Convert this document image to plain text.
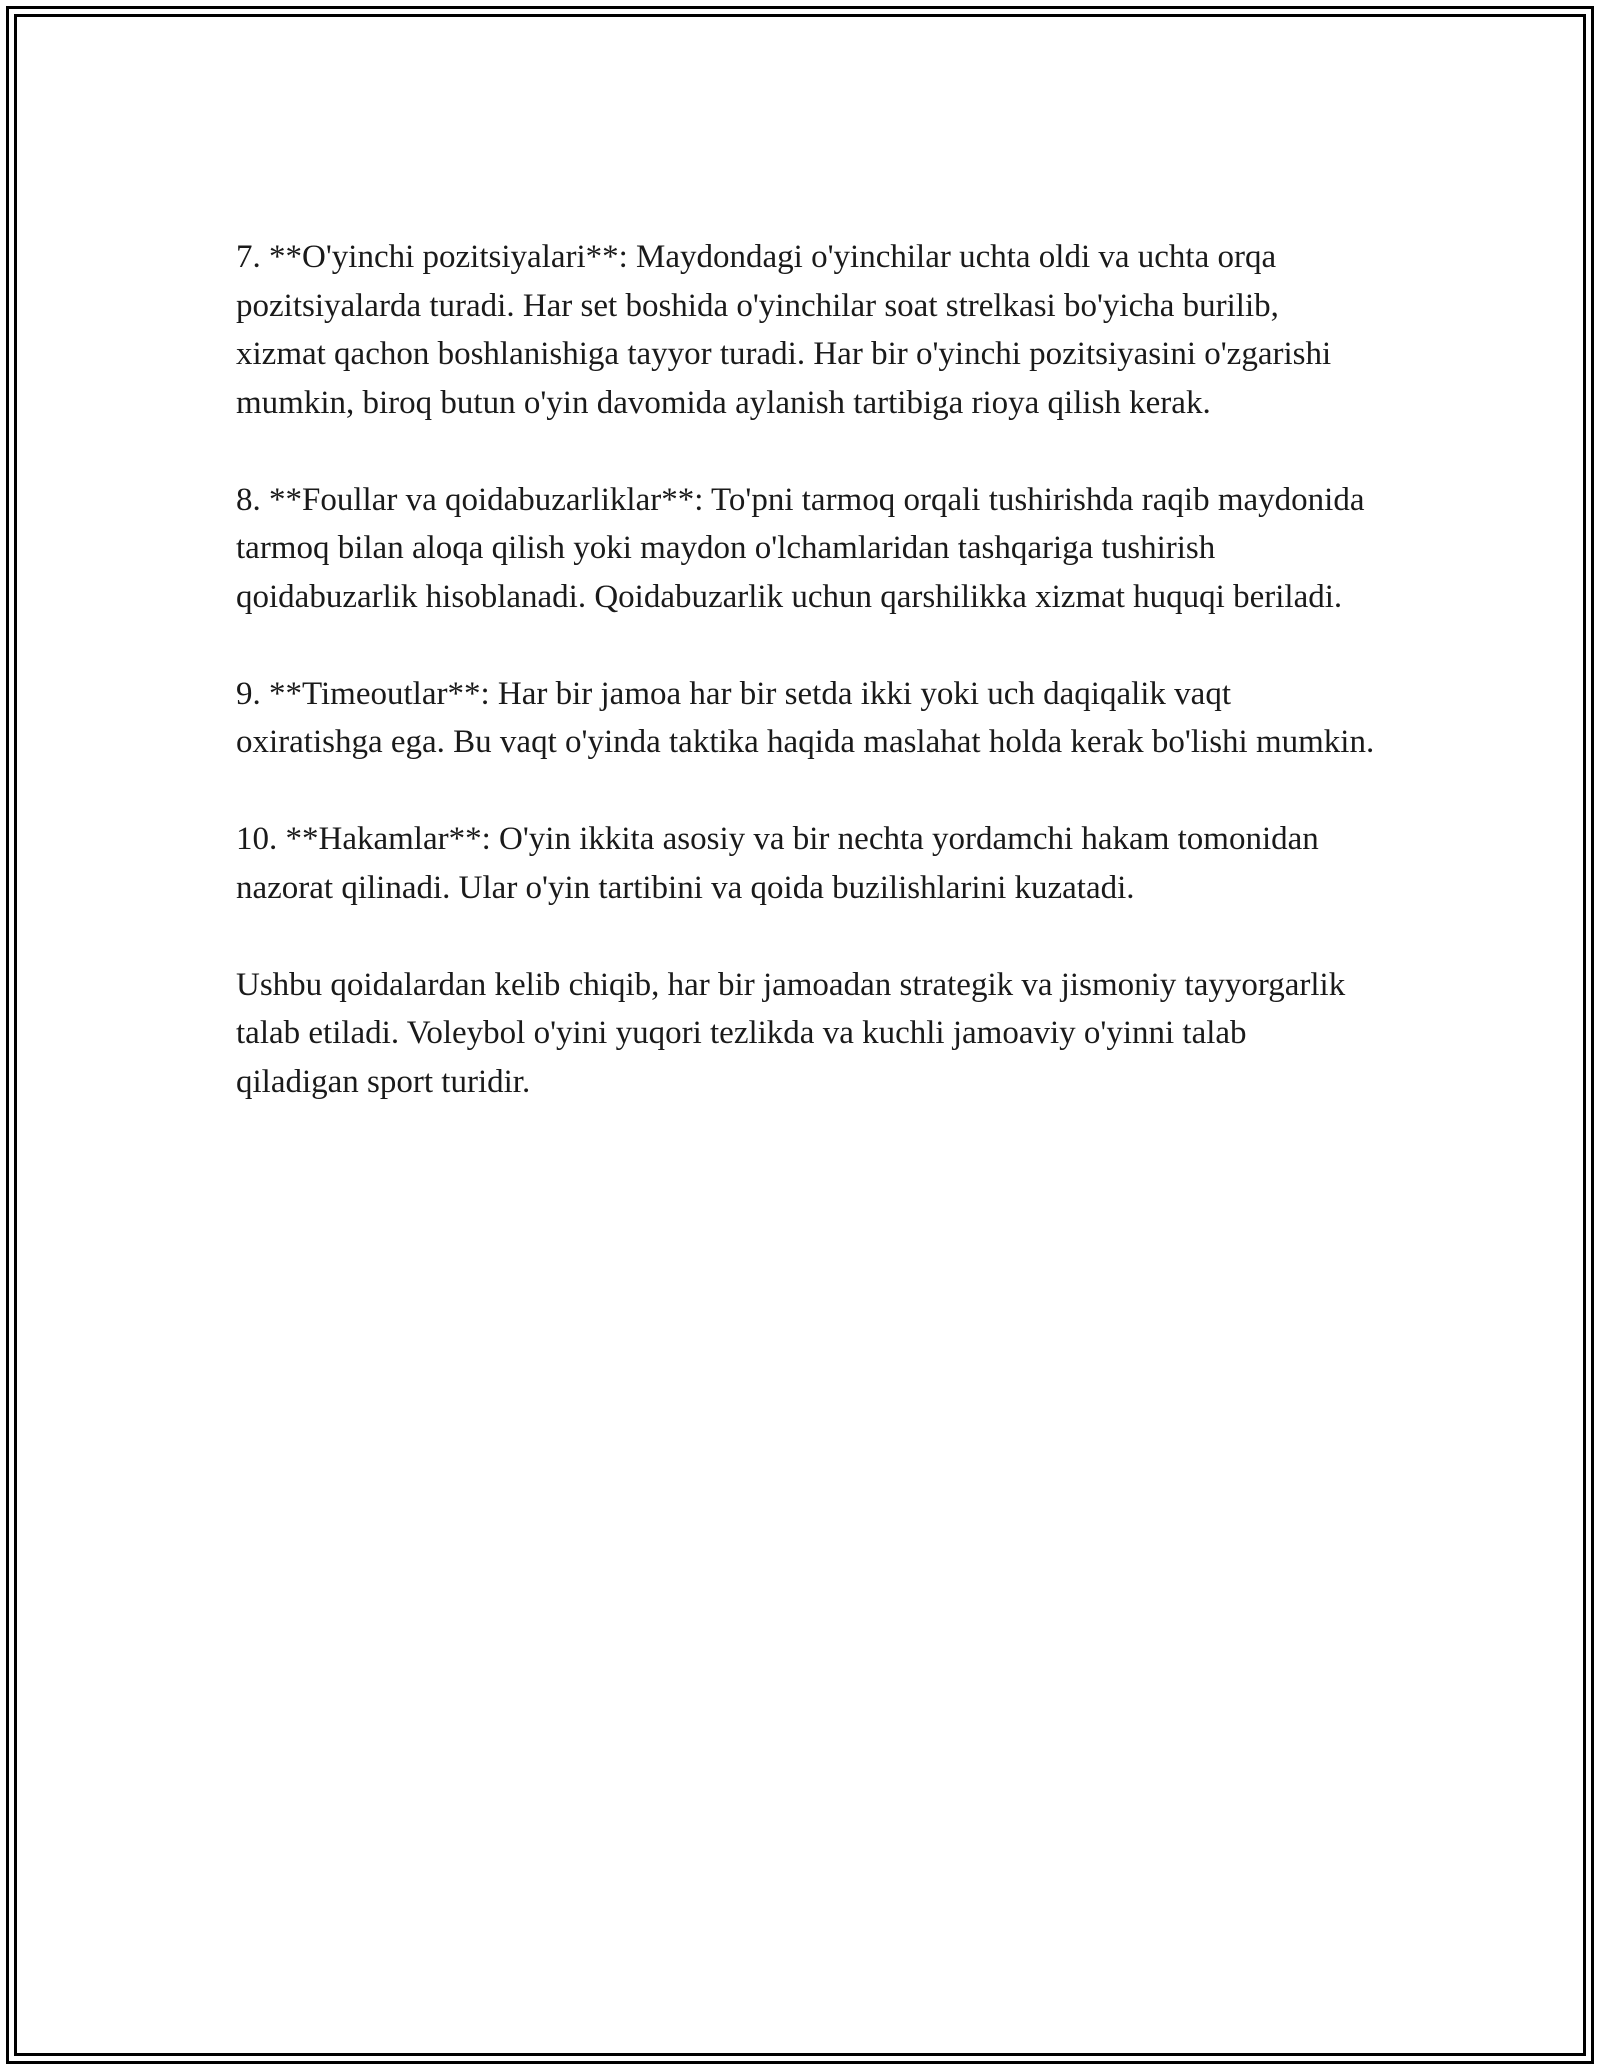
7. **O'yinchi pozitsiyalari**: Maydondagi o'yinchilar uchta oldi va uchta orqa pozitsiyalarda turadi. Har set boshida o'yinchilar soat strelkasi bo'yicha burilib, xizmat qachon boshlanishiga tayyor turadi. Har bir o'yinchi pozitsiyasini o'zgarishi mumkin, biroq butun o'yin davomida aylanish tartibiga rioya qilish kerak.

8. **Foullar va qoidabuzarliklar**: To'pni tarmoq orqali tushirishda raqib maydonida tarmoq bilan aloqa qilish yoki maydon o'lchamlaridan tashqariga tushirish qoidabuzarlik hisoblanadi. Qoidabuzarlik uchun qarshilikka xizmat huquqi beriladi.

9. **Timeoutlar**: Har bir jamoa har bir setda ikki yoki uch daqiqalik vaqt oxiratishga ega. Bu vaqt o'yinda taktika haqida maslahat holda kerak bo'lishi mumkin.

10. **Hakamlar**: O'yin ikkita asosiy va bir nechta yordamchi hakam tomonidan nazorat qilinadi. Ular o'yin tartibini va qoida buzilishlarini kuzatadi.

Ushbu qoidalardan kelib chiqib, har bir jamoadan strategik va jismoniy tayyorgarlik talab etiladi. Voleybol o'yini yuqori tezlikda va kuchli jamoaviy o'yinni talab qiladigan sport turidir.
